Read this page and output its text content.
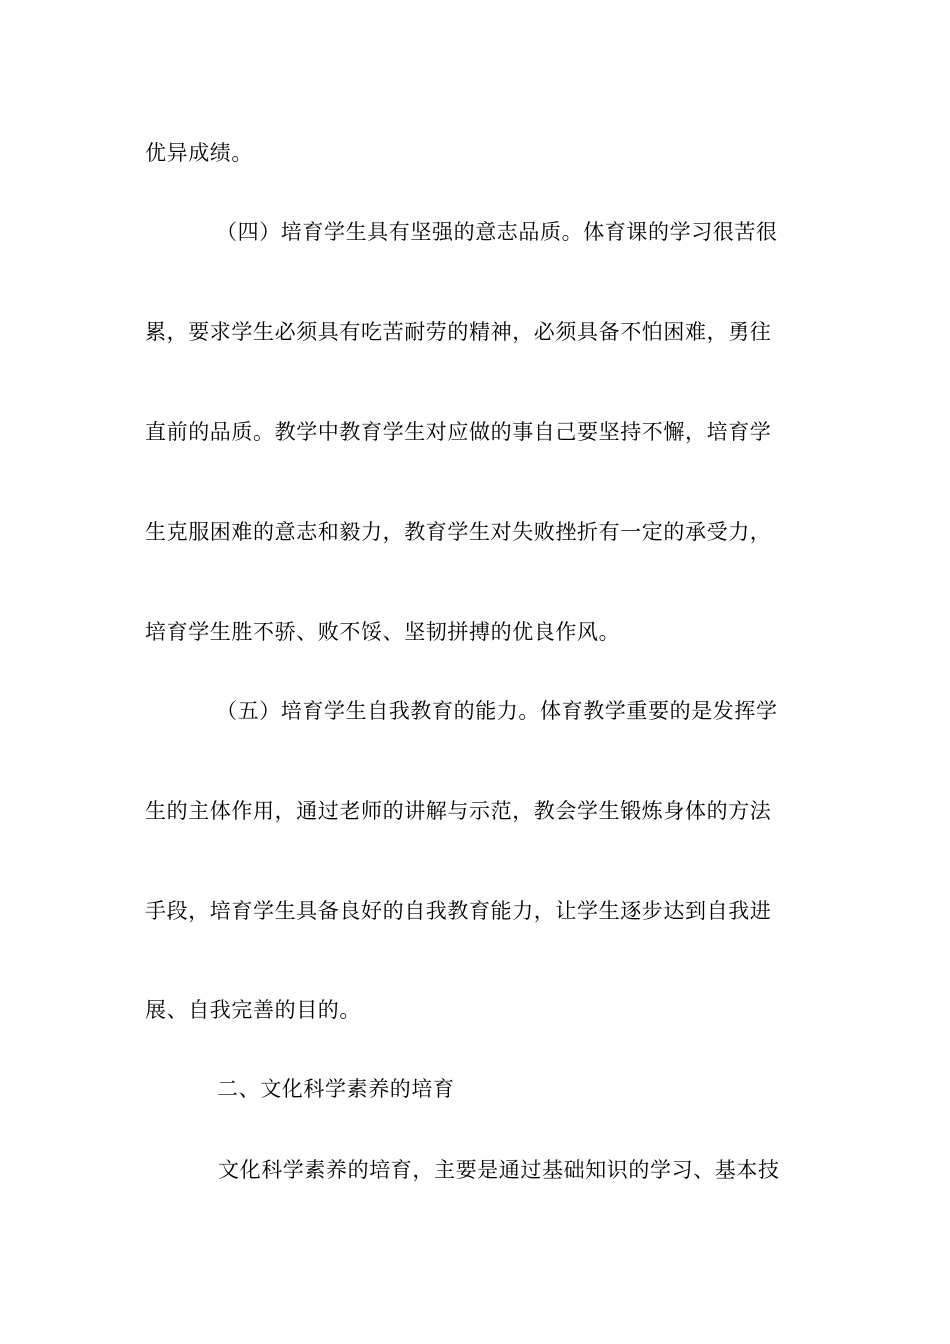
优异成绩。
（四）培育学生具有坚强的意志品质。体育课的学习很苦很
累，要求学生必须具有吃苦耐劳的精神，必须具备不怕困难，勇往
直前的品质。教学中教育学生对应做的事自己要坚持不懈，培育学
生克服困难的意志和毅力，教育学生对失败挫折有一定的承受力，
培育学生胜不骄、败不馁、坚韧拼搏的优良作风。
（五）培育学生自我教育的能力。体育教学重要的是发挥学
生的主体作用，通过老师的讲解与示范，教会学生锻炼身体的方法
手段，培育学生具备良好的自我教育能力，让学生逐步达到自我进
展、自我完善的目的。
二、文化科学素养的培育
文化科学素养的培育，主要是通过基础知识的学习、基本技
